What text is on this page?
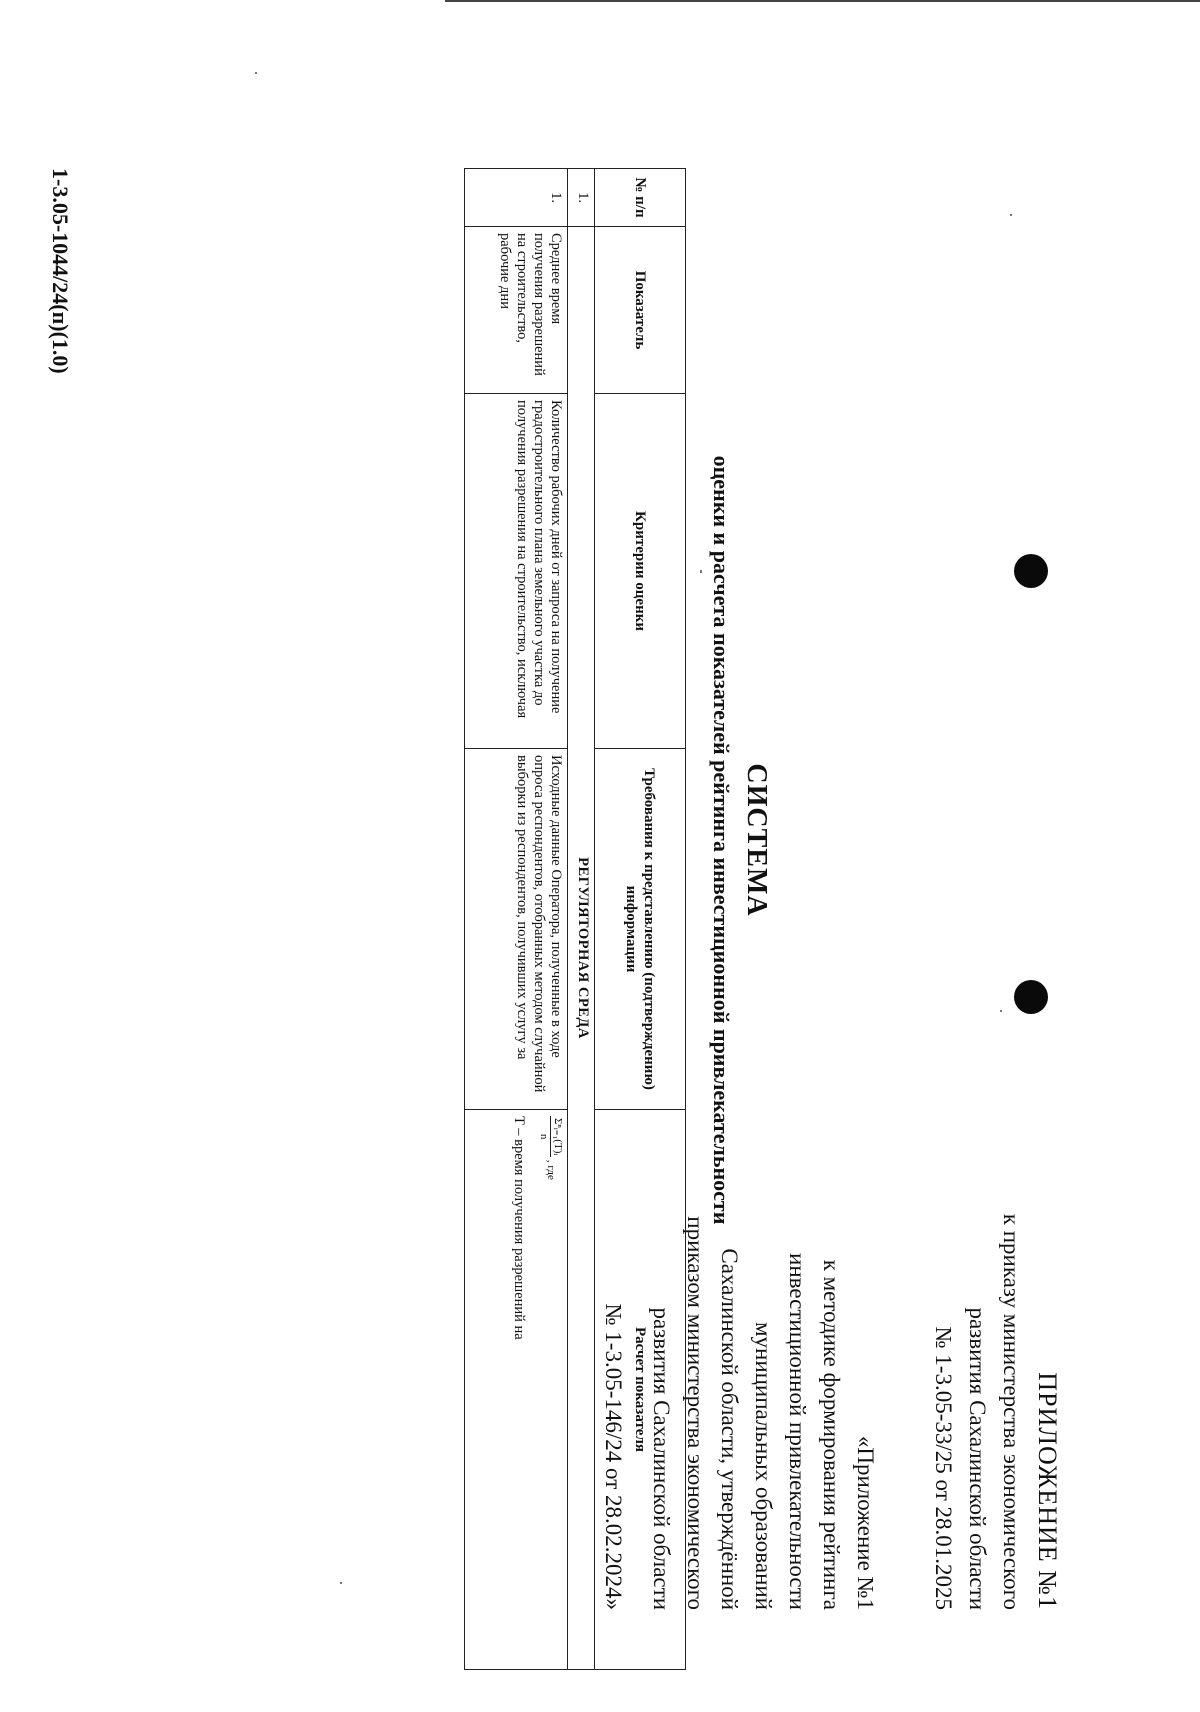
ПРИЛОЖЕНИЕ №1
к приказу министерства экономического
развития Сахалинской области
№ 1-3.05-33/25 от 28.01.2025
«Приложение №1
к методике формирования рейтинга
инвестиционной привлекательности
муниципальных образований
Сахалинской области, утверждённой
приказом министерства экономического
развития Сахалинской области
№ 1-3.05-146/24 от 28.02.2024»
СИСТЕМА
оценки и расчета показателей рейтинга инвестиционной привлекательности
№ п/п	Показатель	Критерии оценки	Требования к представлению (подтверждению) информации	Расчет показателя
1.	РЕГУЛЯТОРНАЯ СРЕДА			
1.	Среднее время получения разрешений на строительство, рабочие дни	Количество рабочих дней от запроса на получение градостроительного плана земельного участка до получения разрешения на строительство, исключая	Исходные данные Оператора, полученные в ходе опроса респондентов, отобранных методом случайной выборки из респондентов, получивших услугу за	Σⁿᵢ₌₁(T)ᵢ
n
, где
T – время получения разрешений на
1-3.05-1044/24(п)(1.0)
